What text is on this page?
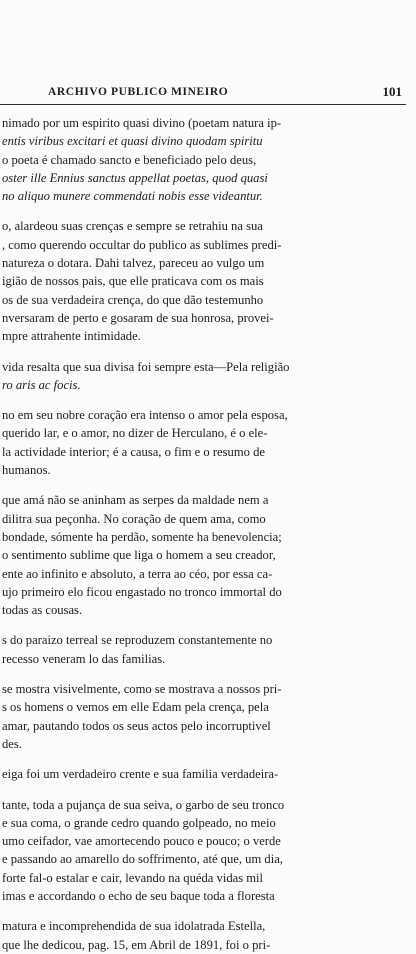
ARCHIVO PUBLICO MINEIRO	101
nimado por um espirito quasi divino (poetam natura ip-
entis viribus excitari et quasi divino quodam spiritu
o poeta é chamado sancto e beneficiado pelo deus,
oster ille Ennius sanctus appellat poetas, quod quasi
no aliquo munere commendati nobis esse videantur.
o, alardeou suas crenças e sempre se retrahiu na sua
, como querendo occultar do publico as sublimes predi-
natureza o dotara. Dahi talvez, pareceu ao vulgo um
igião de nossos pais, que elle praticava com os mais
os de sua verdadeira crença, do que dão testemunho
nversaram de perto e gosaram de sua honrosa, provei-
mpre attrahente intimidade.
vida resalta que sua divisa foi sempre esta—Pela religião
ro aris ac focis.
no em seu nobre coração era intenso o amor pela esposa,
querido lar, e o amor, no dizer de Herculano, é o ele-
la actividade interior; é a causa, o fim e o resumo de
humanos.
que amá não se aninham as serpes da maldade nem a
dilitra sua peçonha. No coração de quem ama, como
bondade, sómente ha perdão, somente ha benevolencia;
o sentimento sublime que liga o homem a seu creador,
ente ao infinito e absoluto, a terra ao céo, por essa ca-
ujo primeiro elo ficou engastado no tronco immortal do
todas as cousas.
s do paraizo terreal se reproduzem constantemente no
recesso veneram lo das familias.
se mostra visivelmente, como se mostrava a nossos pri-
s os homens o vemos em elle Edam pela crença, pela
amar, pautando todos os seus actos pelo incorruptivel
des.
eiga foi um verdadeiro crente e sua familia verdadeira-
tante, toda a pujança de sua seiva, o garbo de seu tronco
e sua coma, o grande cedro quando golpeado, no meio
umo ceifador, vae amortecendo pouco e pouco; o verde
e passando ao amarello do soffrimento, até que, um dia,
forte fal-o estalar e cair, levando na quéda vidas mil
imas e accordando o echo de seu baque toda a floresta
matura e incomprehendida de sua idolatrada Estella,
que lhe dedicou, pag. 15, em Abril de 1891, foi o pri-
